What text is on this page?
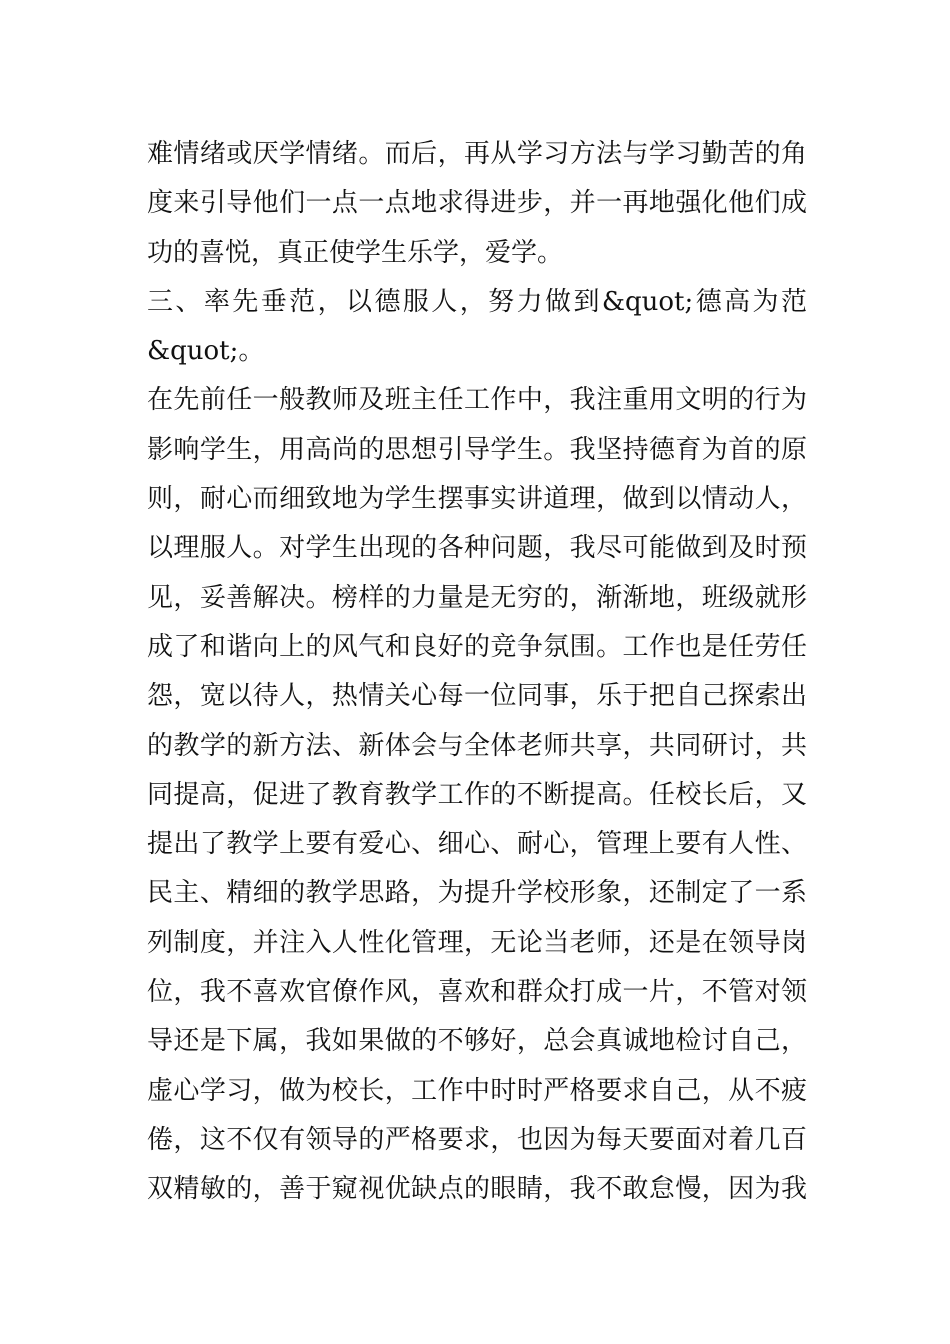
难情绪或厌学情绪。而后，再从学习方法与学习勤苦的角
度来引导他们一点一点地求得进步，并一再地强化他们成
功的喜悦，真正使学生乐学，爱学。
三、率先垂范，以德服人，努力做到&quot;德高为范
&quot;。
在先前任一般教师及班主任工作中，我注重用文明的行为
影响学生，用高尚的思想引导学生。我坚持德育为首的原
则，耐心而细致地为学生摆事实讲道理，做到以情动人，
以理服人。对学生出现的各种问题，我尽可能做到及时预
见，妥善解决。榜样的力量是无穷的，渐渐地，班级就形
成了和谐向上的风气和良好的竞争氛围。工作也是任劳任
怨，宽以待人，热情关心每一位同事，乐于把自己探索出
的教学的新方法、新体会与全体老师共享，共同研讨，共
同提高，促进了教育教学工作的不断提高。任校长后，又
提出了教学上要有爱心、细心、耐心，管理上要有人性、
民主、精细的教学思路，为提升学校形象，还制定了一系
列制度，并注入人性化管理，无论当老师，还是在领导岗
位，我不喜欢官僚作风，喜欢和群众打成一片，不管对领
导还是下属，我如果做的不够好，总会真诚地检讨自己，
虚心学习，做为校长，工作中时时严格要求自己，从不疲
倦，这不仅有领导的严格要求，也因为每天要面对着几百
双精敏的，善于窥视优缺点的眼睛，我不敢怠慢，因为我
